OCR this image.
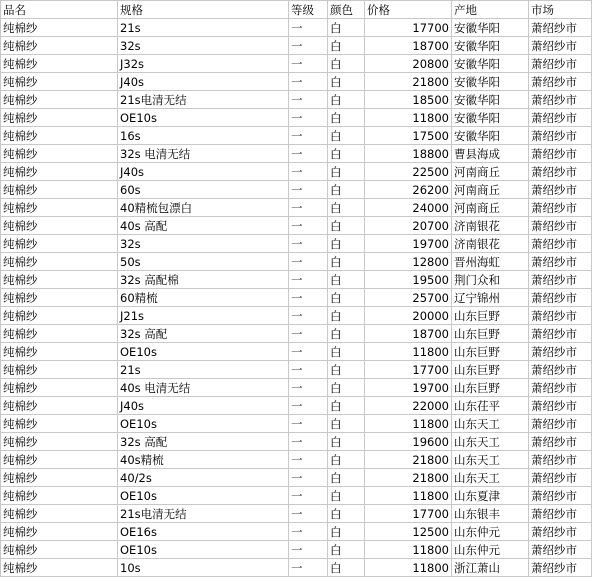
品名	规格	等级	颜色	价格	产地	市场
纯棉纱	21s	一	白	17700	安徽华阳	萧绍纱市
纯棉纱	32s	一	白	18700	安徽华阳	萧绍纱市
纯棉纱	J32s	一	白	20800	安徽华阳	萧绍纱市
纯棉纱	J40s	一	白	21800	安徽华阳	萧绍纱市
纯棉纱	21s电清无结	一	白	18500	安徽华阳	萧绍纱市
纯棉纱	OE10s	一	白	11800	安徽华阳	萧绍纱市
纯棉纱	16s	一	白	17500	安徽华阳	萧绍纱市
纯棉纱	32s 电清无结	一	白	18800	曹县海成	萧绍纱市
纯棉纱	J40s	一	白	22500	河南商丘	萧绍纱市
纯棉纱	60s	一	白	26200	河南商丘	萧绍纱市
纯棉纱	40精梳包漂白	一	白	24000	河南商丘	萧绍纱市
纯棉纱	40s 高配	一	白	20700	济南银花	萧绍纱市
纯棉纱	32s	一	白	19700	济南银花	萧绍纱市
纯棉纱	50s	一	白	12800	晋州海虹	萧绍纱市
纯棉纱	32s 高配棉	一	白	19500	荆门众和	萧绍纱市
纯棉纱	60精梳	一	白	25700	辽宁锦州	萧绍纱市
纯棉纱	J21s	一	白	20000	山东巨野	萧绍纱市
纯棉纱	32s 高配	一	白	18700	山东巨野	萧绍纱市
纯棉纱	OE10s	一	白	11800	山东巨野	萧绍纱市
纯棉纱	21s	一	白	17700	山东巨野	萧绍纱市
纯棉纱	40s 电清无结	一	白	19700	山东巨野	萧绍纱市
纯棉纱	J40s	一	白	22000	山东茌平	萧绍纱市
纯棉纱	OE10s	一	白	11800	山东天工	萧绍纱市
纯棉纱	32s 高配	一	白	19600	山东天工	萧绍纱市
纯棉纱	40s精梳	一	白	21800	山东天工	萧绍纱市
纯棉纱	40/2s	一	白	21800	山东天工	萧绍纱市
纯棉纱	OE10s	一	白	11800	山东夏津	萧绍纱市
纯棉纱	21s电清无结	一	白	17700	山东银丰	萧绍纱市
纯棉纱	OE16s	一	白	12500	山东仲元	萧绍纱市
纯棉纱	OE10s	一	白	11800	山东仲元	萧绍纱市
纯棉纱	10s	一	白	11800	浙江萧山	萧绍纱市
